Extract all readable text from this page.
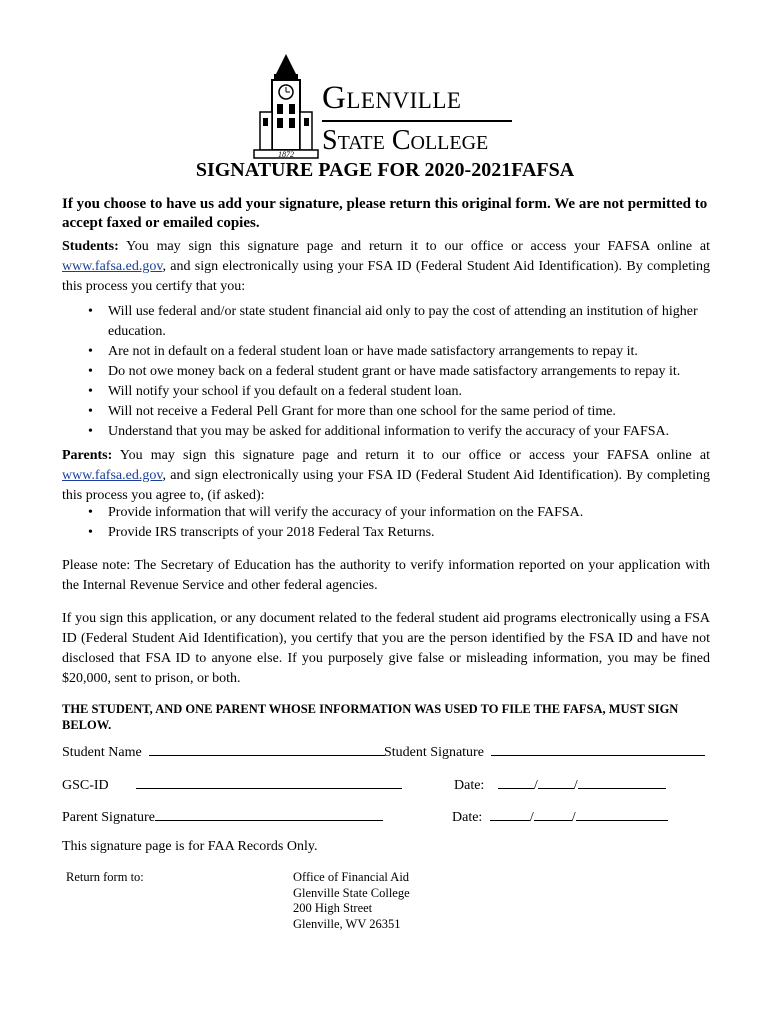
1872
Glenville
State College
SIGNATURE PAGE FOR 2020-2021FAFSA
If you choose to have us add your signature, please return this original form. We are not permitted to accept faxed or emailed copies.
Students: You may sign this signature page and return it to our office or access your FAFSA online at www.fafsa.ed.gov, and sign electronically using your FSA ID (Federal Student Aid Identification). By completing this process you certify that you:
• Will use federal and/or state student financial aid only to pay the cost of attending an institution of higher education.
• Are not in default on a federal student loan or have made satisfactory arrangements to repay it.
• Do not owe money back on a federal student grant or have made satisfactory arrangements to repay it.
• Will notify your school if you default on a federal student loan.
• Will not receive a Federal Pell Grant for more than one school for the same period of time.
• Understand that you may be asked for additional information to verify the accuracy of your FAFSA.
Parents: You may sign this signature page and return it to our office or access your FAFSA online at www.fafsa.ed.gov, and sign electronically using your FSA ID (Federal Student Aid Identification). By completing this process you agree to, (if asked):
• Provide information that will verify the accuracy of your information on the FAFSA.
• Provide IRS transcripts of your 2018 Federal Tax Returns.
Please note: The Secretary of Education has the authority to verify information reported on your application with the Internal Revenue Service and other federal agencies.
If you sign this application, or any document related to the federal student aid programs electronically using a FSA ID (Federal Student Aid Identification), you certify that you are the person identified by the FSA ID and have not disclosed that FSA ID to anyone else. If you purposely give false or misleading information, you may be fined $20,000, sent to prison, or both.
THE STUDENT, AND ONE PARENT WHOSE INFORMATION WAS USED TO FILE THE FAFSA, MUST SIGN BELOW.
Student Name	Student Signature
GSC-ID	Date:	/	/
Parent Signature	Date:	/	/
This signature page is for FAA Records Only.
Return form to:	Office of Financial Aid
Glenville State College
200 High Street
Glenville, WV 26351
